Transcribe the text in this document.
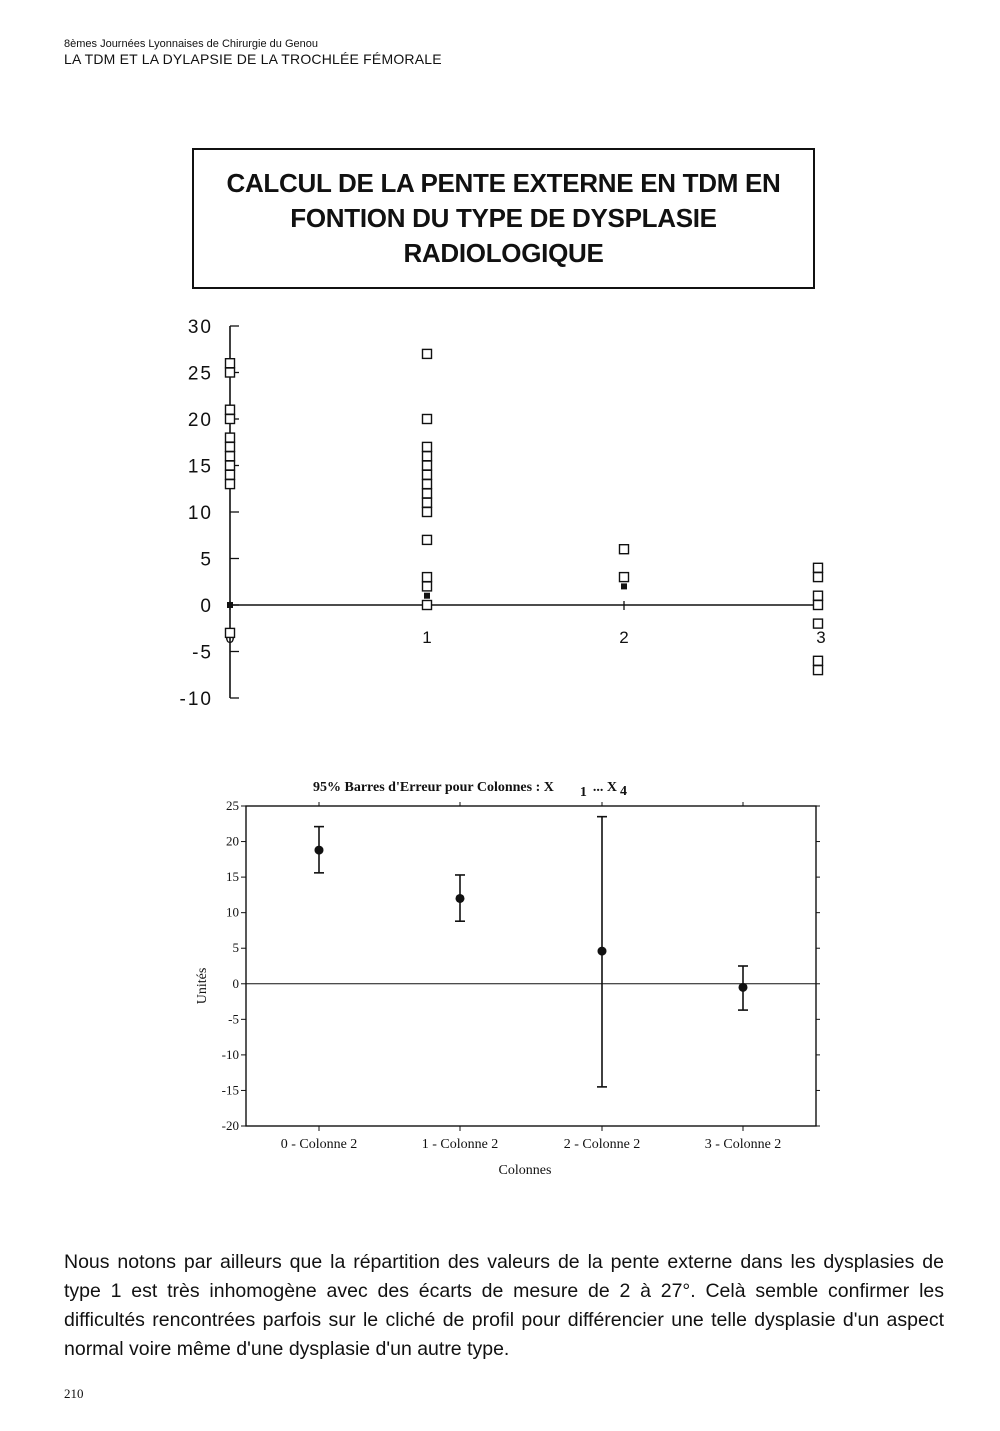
8èmes Journées Lyonnaises de Chirurgie du Genou
LA TDM ET LA DYLAPSIE DE LA TROCHLÉE FÉMORALE
CALCUL DE LA PENTE EXTERNE EN TDM EN FONTION DU TYPE DE DYSPLASIE RADIOLOGIQUE
30
25
20
15
10
5
0
-5
-10
1	2	3
95% Barres d'Erreur pour Colonnes : X 1 ... X 4
25
20
15
10
5
0
-5
-10
-15
-20
0 - Colonne 2	1 - Colonne 2	2 - Colonne 2	3 - Colonne 2
Colonnes
Unités
Nous notons par ailleurs que la répartition des valeurs de la pente externe dans les dysplasies de type 1 est très inhomogène avec des écarts de mesure de 2 à 27°. Celà semble confirmer les difficultés rencontrées parfois sur le cliché de profil pour différencier une telle dysplasie d'un aspect normal voire même d'une dysplasie d'un autre type.
210
